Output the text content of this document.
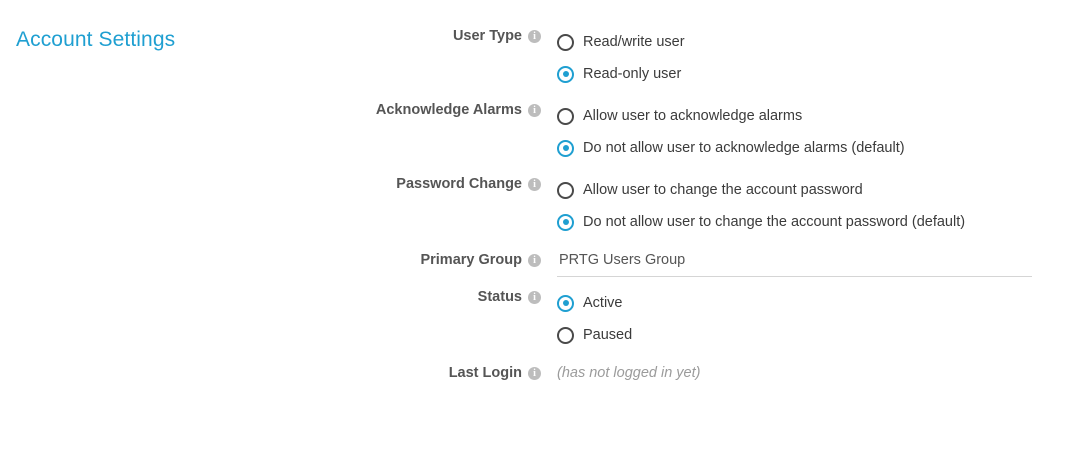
Account Settings	User Type	i	Read/write user
Read-only user
Acknowledge Alarms	i	Allow user to acknowledge alarms
Do not allow user to acknowledge alarms (default)
Password Change	i	Allow user to change the account password
Do not allow user to change the account password (default)
Primary Group	i	PRTG Users Group
Status	i	Active
Paused
Last Login	i	(has not logged in yet)
